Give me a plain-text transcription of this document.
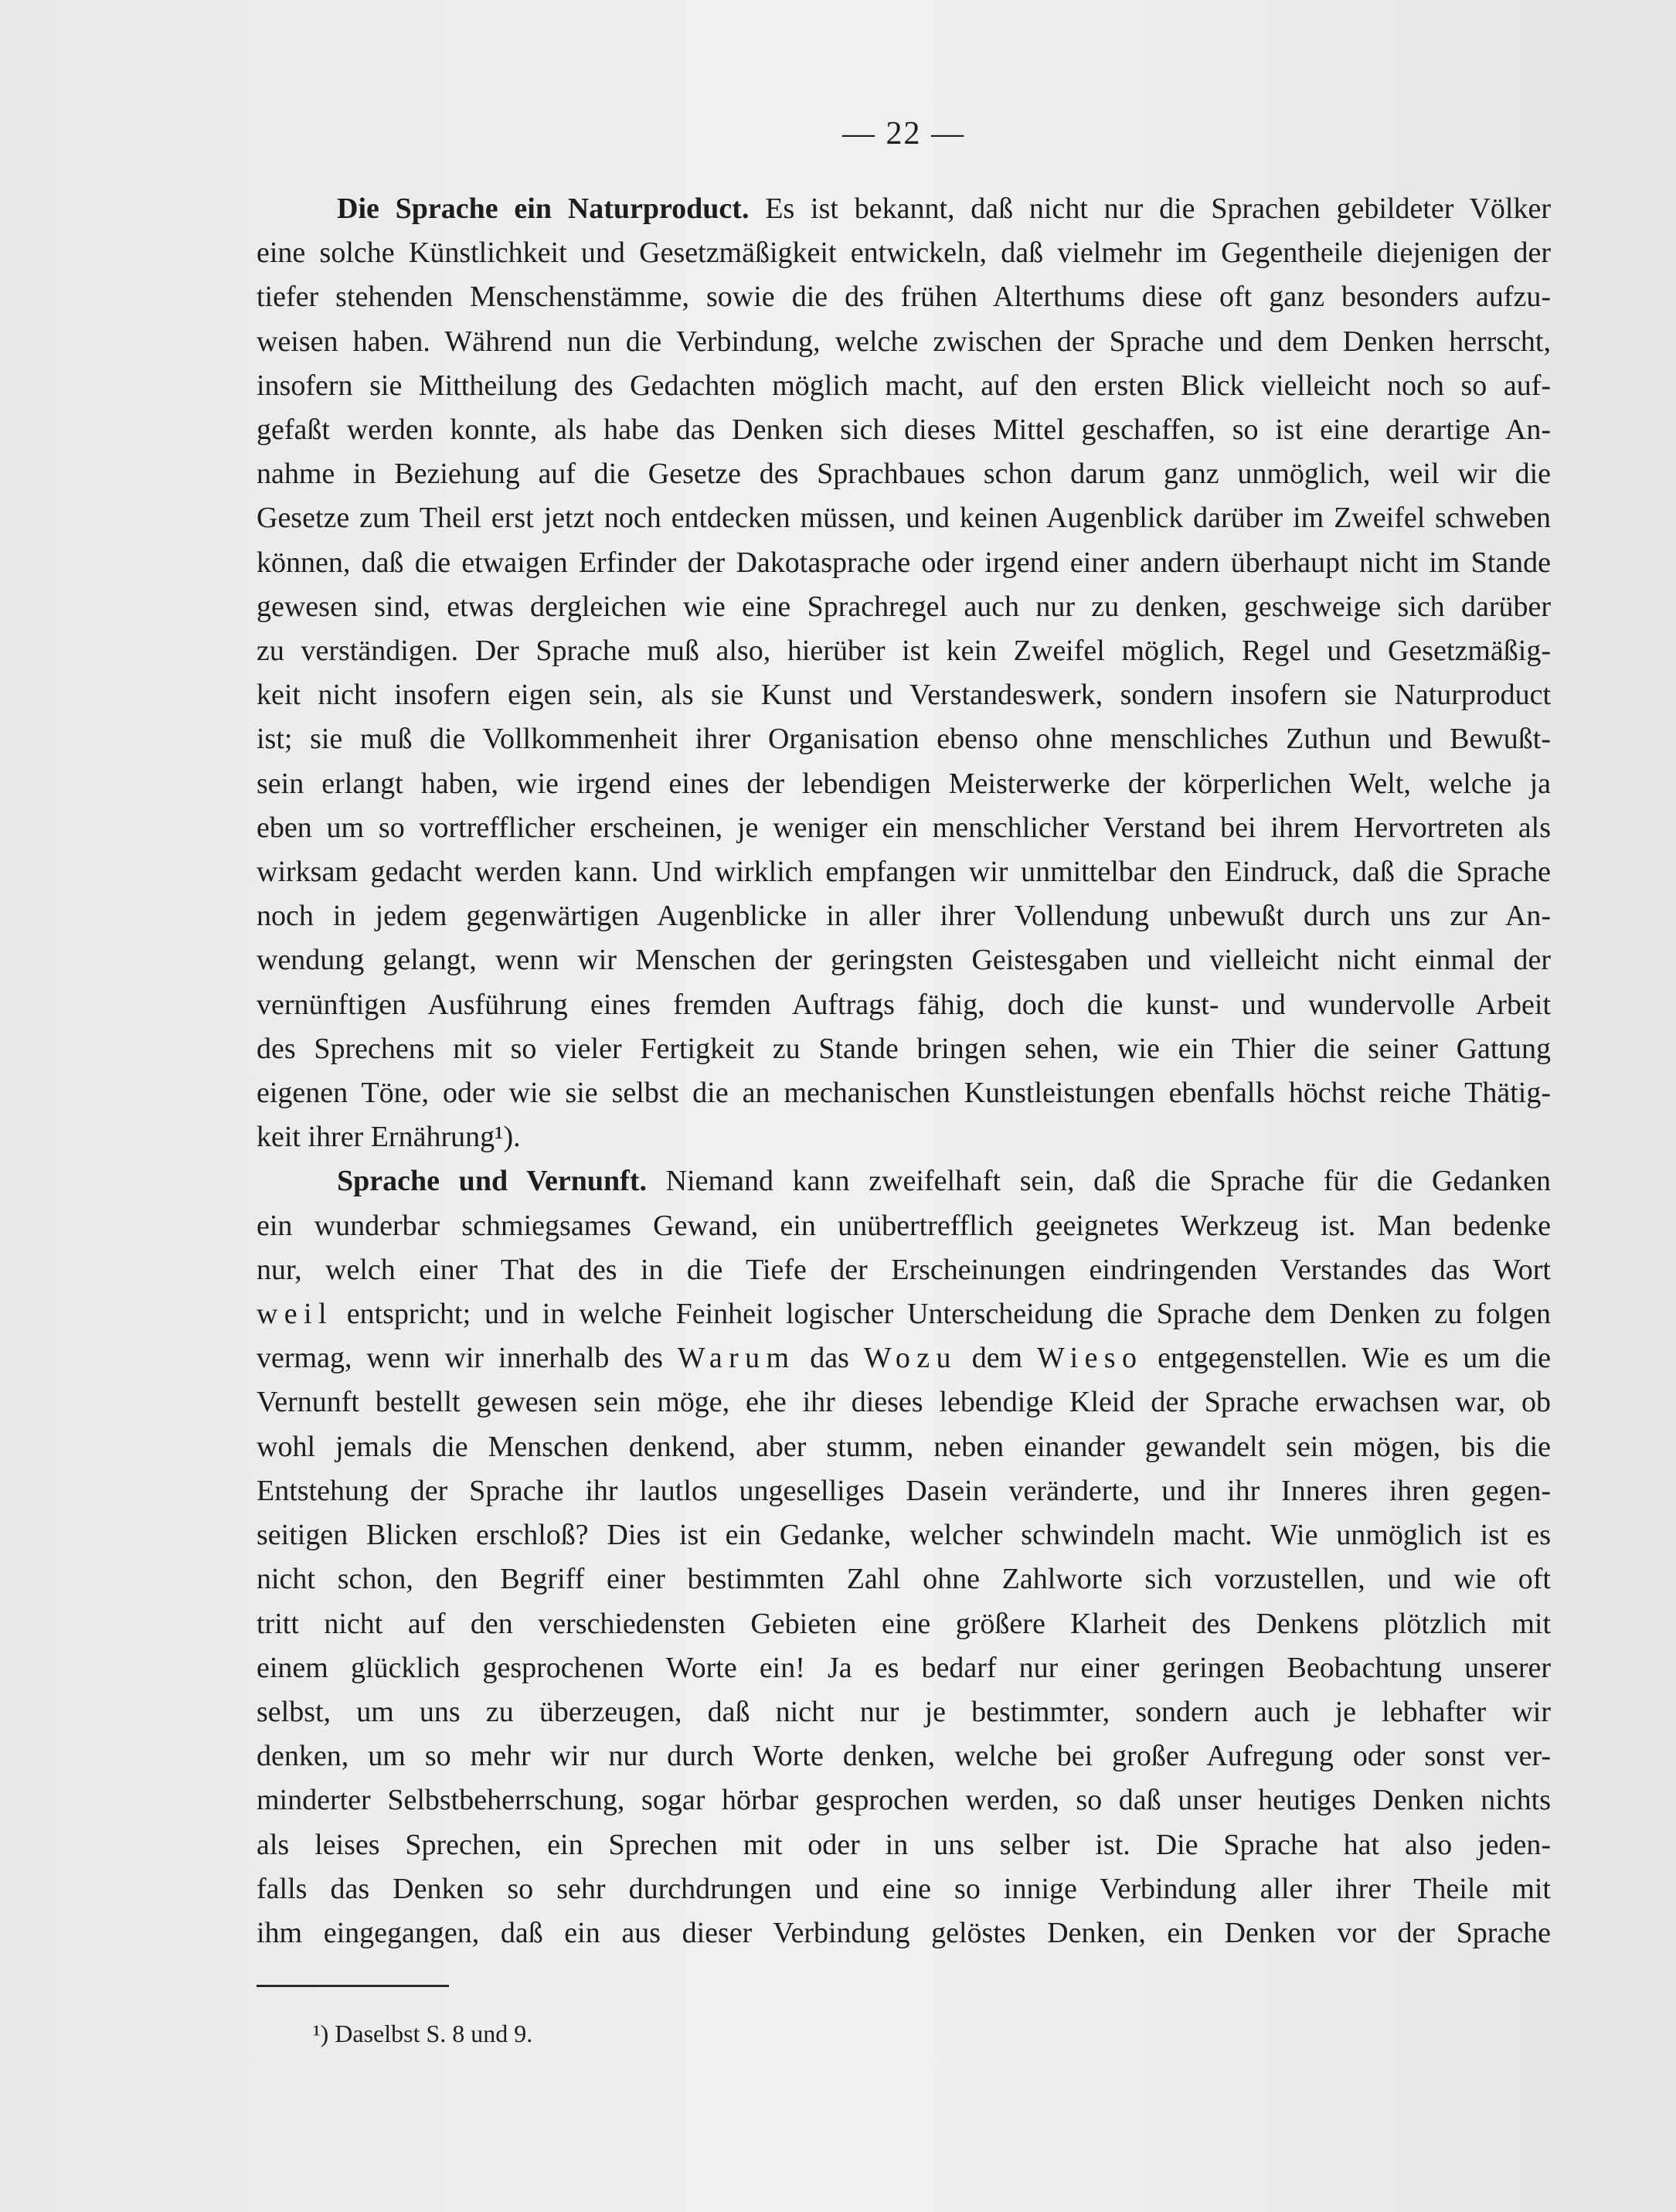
— 22 —
Die Sprache ein Naturproduct. Es ist bekannt, daß nicht nur die Sprachen gebildeter Völker
eine solche Künstlichkeit und Gesetzmäßigkeit entwickeln, daß vielmehr im Gegentheile diejenigen der
tiefer stehenden Menschenstämme, sowie die des frühen Alterthums diese oft ganz besonders aufzu-
weisen haben. Während nun die Verbindung, welche zwischen der Sprache und dem Denken herrscht,
insofern sie Mittheilung des Gedachten möglich macht, auf den ersten Blick vielleicht noch so auf-
gefaßt werden konnte, als habe das Denken sich dieses Mittel geschaffen, so ist eine derartige An-
nahme in Beziehung auf die Gesetze des Sprachbaues schon darum ganz unmöglich, weil wir die
Gesetze zum Theil erst jetzt noch entdecken müssen, und keinen Augenblick darüber im Zweifel schweben
können, daß die etwaigen Erfinder der Dakotasprache oder irgend einer andern überhaupt nicht im Stande
gewesen sind, etwas dergleichen wie eine Sprachregel auch nur zu denken, geschweige sich darüber
zu verständigen. Der Sprache muß also, hierüber ist kein Zweifel möglich, Regel und Gesetzmäßig-
keit nicht insofern eigen sein, als sie Kunst und Verstandeswerk, sondern insofern sie Naturproduct
ist; sie muß die Vollkommenheit ihrer Organisation ebenso ohne menschliches Zuthun und Bewußt-
sein erlangt haben, wie irgend eines der lebendigen Meisterwerke der körperlichen Welt, welche ja
eben um so vortrefflicher erscheinen, je weniger ein menschlicher Verstand bei ihrem Hervortreten als
wirksam gedacht werden kann. Und wirklich empfangen wir unmittelbar den Eindruck, daß die Sprache
noch in jedem gegenwärtigen Augenblicke in aller ihrer Vollendung unbewußt durch uns zur An-
wendung gelangt, wenn wir Menschen der geringsten Geistesgaben und vielleicht nicht einmal der
vernünftigen Ausführung eines fremden Auftrags fähig, doch die kunst- und wundervolle Arbeit
des Sprechens mit so vieler Fertigkeit zu Stande bringen sehen, wie ein Thier die seiner Gattung
eigenen Töne, oder wie sie selbst die an mechanischen Kunstleistungen ebenfalls höchst reiche Thätig-
keit ihrer Ernährung¹).
Sprache und Vernunft. Niemand kann zweifelhaft sein, daß die Sprache für die Gedanken
ein wunderbar schmiegsames Gewand, ein unübertrefflich geeignetes Werkzeug ist. Man bedenke
nur, welch einer That des in die Tiefe der Erscheinungen eindringenden Verstandes das Wort
weil entspricht; und in welche Feinheit logischer Unterscheidung die Sprache dem Denken zu folgen
vermag, wenn wir innerhalb des Warum das Wozu dem Wieso entgegenstellen. Wie es um die
Vernunft bestellt gewesen sein möge, ehe ihr dieses lebendige Kleid der Sprache erwachsen war, ob
wohl jemals die Menschen denkend, aber stumm, neben einander gewandelt sein mögen, bis die
Entstehung der Sprache ihr lautlos ungeselliges Dasein veränderte, und ihr Inneres ihren gegen-
seitigen Blicken erschloß? Dies ist ein Gedanke, welcher schwindeln macht. Wie unmöglich ist es
nicht schon, den Begriff einer bestimmten Zahl ohne Zahlworte sich vorzustellen, und wie oft
tritt nicht auf den verschiedensten Gebieten eine größere Klarheit des Denkens plötzlich mit
einem glücklich gesprochenen Worte ein! Ja es bedarf nur einer geringen Beobachtung unserer
selbst, um uns zu überzeugen, daß nicht nur je bestimmter, sondern auch je lebhafter wir
denken, um so mehr wir nur durch Worte denken, welche bei großer Aufregung oder sonst ver-
minderter Selbstbeherrschung, sogar hörbar gesprochen werden, so daß unser heutiges Denken nichts
als leises Sprechen, ein Sprechen mit oder in uns selber ist. Die Sprache hat also jeden-
falls das Denken so sehr durchdrungen und eine so innige Verbindung aller ihrer Theile mit
ihm eingegangen, daß ein aus dieser Verbindung gelöstes Denken, ein Denken vor der Sprache
¹) Daselbst S. 8 und 9.
